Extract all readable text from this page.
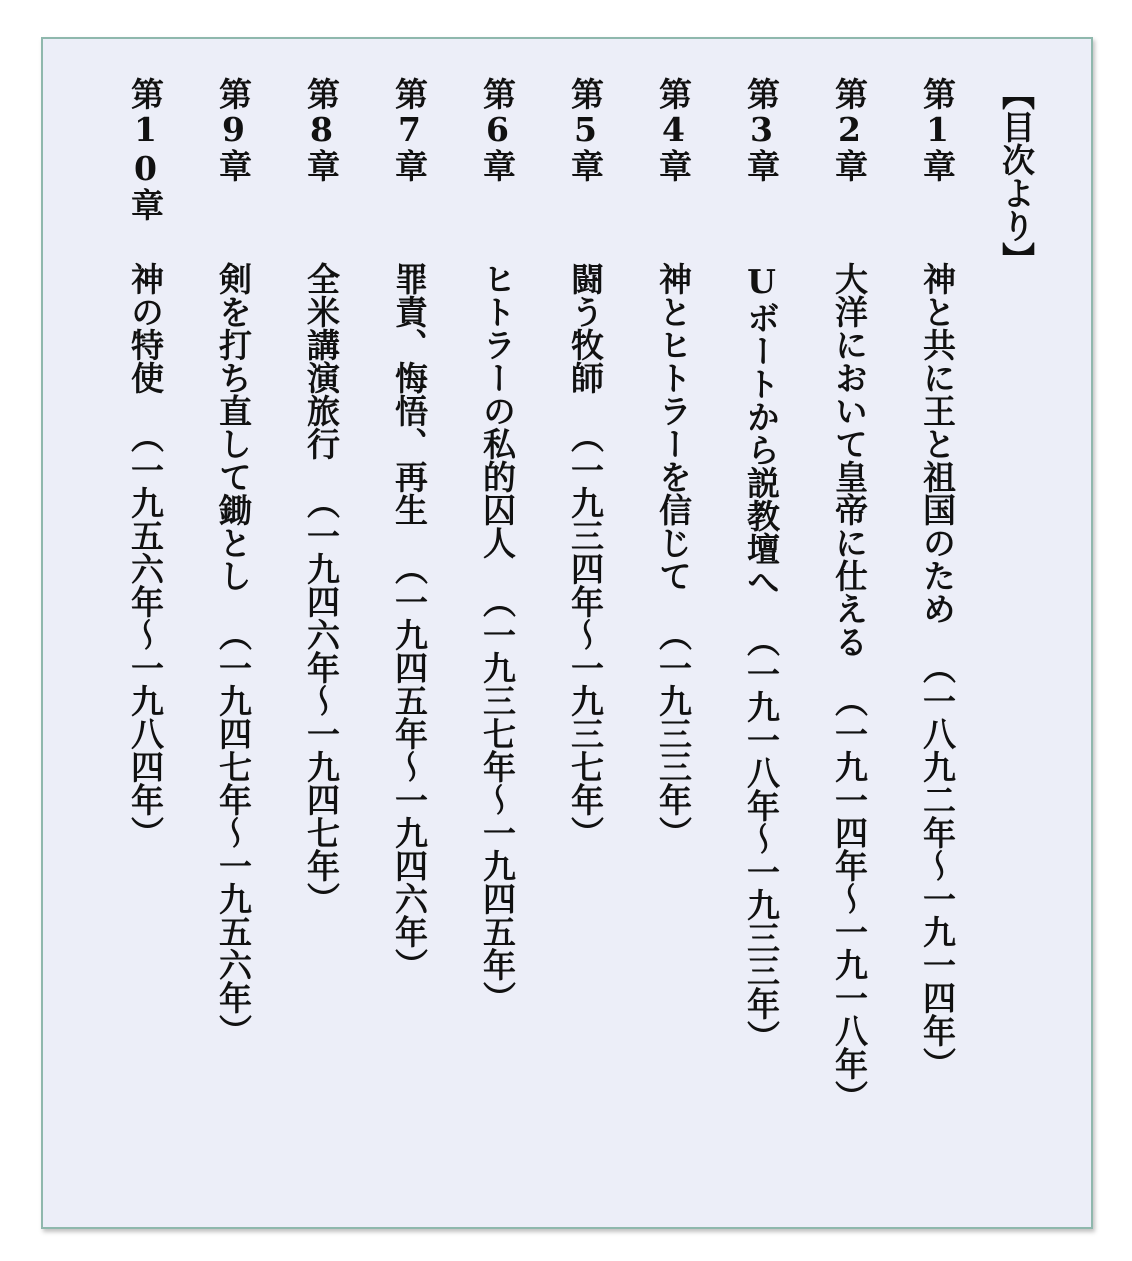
【目次より】
第1章神と共に王と祖国のため（一八九二年〜一九一四年）
第2章大洋において皇帝に仕える（一九一四年〜一九一八年）
第3章Uボートから説教壇へ（一九一八年〜一九三三年）
第4章神とヒトラーを信じて（一九三三年）
第5章闘う牧師（一九三四年〜一九三七年）
第6章ヒトラーの私的囚人（一九三七年〜一九四五年）
第7章罪責、悔悟、再生（一九四五年〜一九四六年）
第8章全米講演旅行（一九四六年〜一九四七年）
第9章剣を打ち直して鋤とし（一九四七年〜一九五六年）
第10章神の特使（一九五六年〜一九八四年）
